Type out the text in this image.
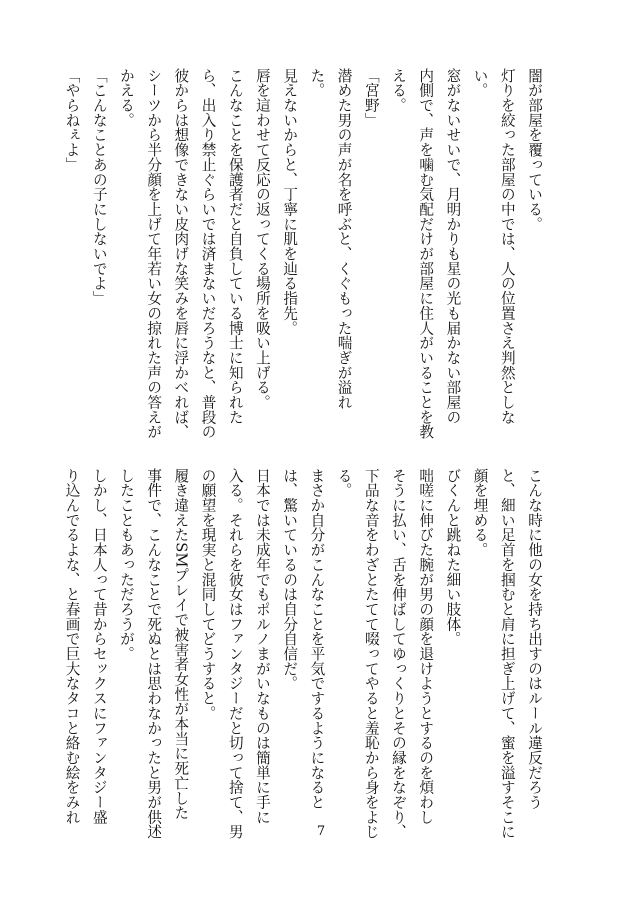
闇が部屋を覆っている。
灯りを絞った部屋の中では、人の位置さえ判然としな
い。
窓がないせいで、月明かりも星の光も届かない部屋の
内側で、声を噛む気配だけが部屋に住人がいることを教
える。
「宮野」
潜めた男の声が名を呼ぶと、くぐもった喘ぎが溢れ
た。
見えないからと、丁寧に肌を辿る指先。
唇を這わせて反応の返ってくる場所を吸い上げる。
こんなことを保護者だと自負している博士に知られた
ら、出入り禁止ぐらいでは済まないだろうなと、普段の
彼からは想像できない皮肉げな笑みを唇に浮かべれば、
シーツから半分顔を上げて年若い女の掠れた声の答えが
かえる。
「こんなことあの子にしないでよ」
「やらねぇよ」
こんな時に他の女を持ち出すのはルール違反だろう
と、細い足首を掴むと肩に担ぎ上げて、蜜を溢すそこに
顔を埋める。
びくんと跳ねた細い肢体。
咄嗟に伸びた腕が男の顔を退けようとするのを煩わし
そうに払い、舌を伸ばしてゆっくりとその縁をなぞり、
下品な音をわざとたてて啜ってやると羞恥から身をよじ
る。
まさか自分がこんなことを平気でするようになると
は、驚いているのは自分自信だ。
日本では未成年でもポルノまがいなものは簡単に手に
入る。それらを彼女はファンタジーだと切って捨て、男
の願望を現実と混同してどうすると。
履き違えたSMプレイで被害者女性が本当に死亡した
事件で、こんなことで死ぬとは思わなかったと男が供述
したこともあっただろうが。
しかし、日本人って昔からセックスにファンタジー盛
り込んでるよな、と春画で巨大なタコと絡む絵をみれ
7
